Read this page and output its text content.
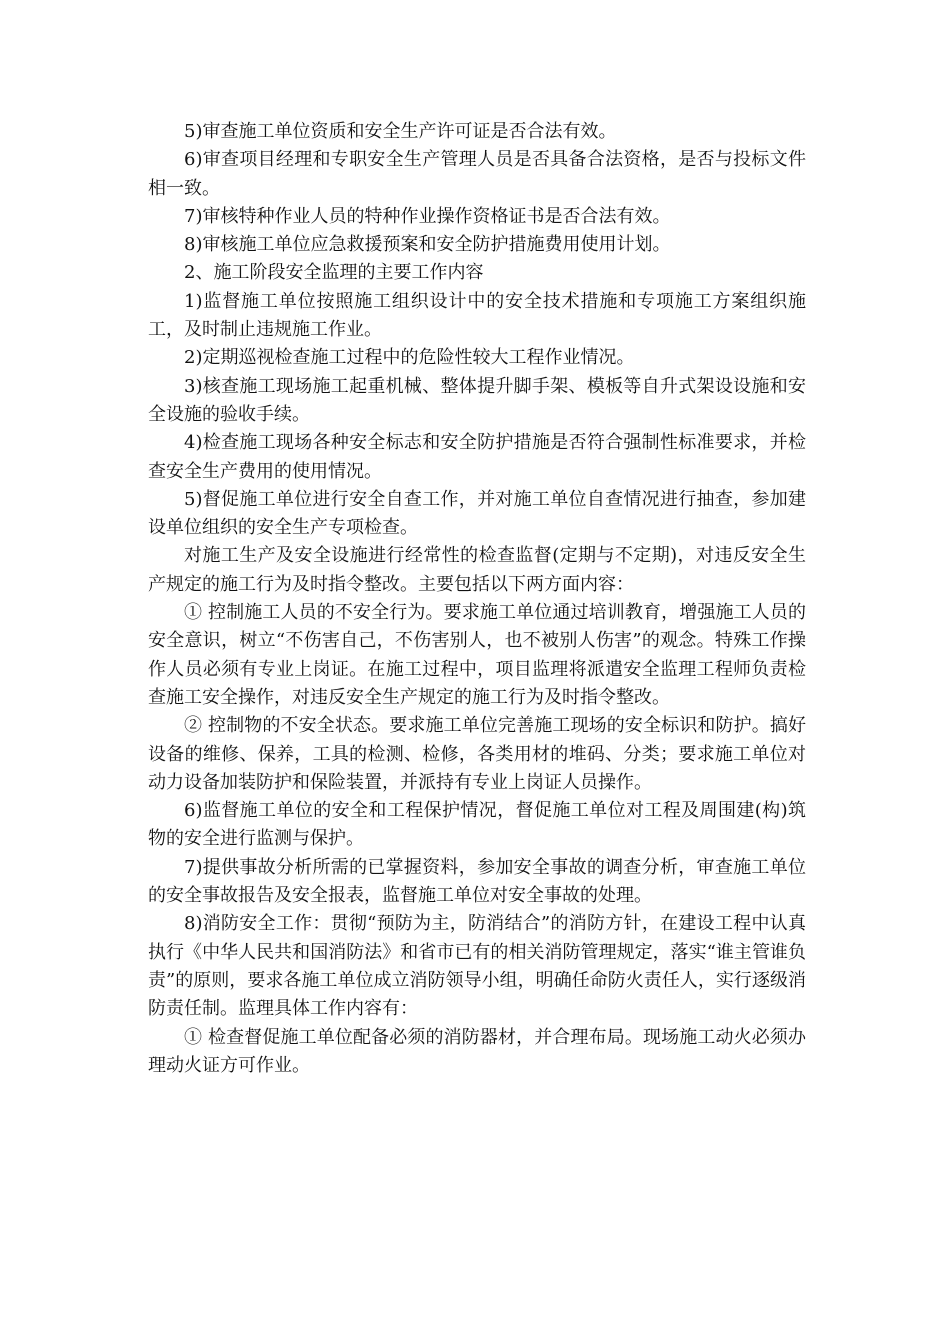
5)审查施工单位资质和安全生产许可证是否合法有效。

6)审查项目经理和专职安全生产管理人员是否具备合法资格，是否与投标文件相一致。

7)审核特种作业人员的特种作业操作资格证书是否合法有效。

8)审核施工单位应急救援预案和安全防护措施费用使用计划。

2、施工阶段安全监理的主要工作内容

1)监督施工单位按照施工组织设计中的安全技术措施和专项施工方案组织施工，及时制止违规施工作业。

2)定期巡视检查施工过程中的危险性较大工程作业情况。

3)核查施工现场施工起重机械、整体提升脚手架、模板等自升式架设设施和安全设施的验收手续。

4)检查施工现场各种安全标志和安全防护措施是否符合强制性标准要求，并检查安全生产费用的使用情况。

5)督促施工单位进行安全自查工作，并对施工单位自查情况进行抽查，参加建设单位组织的安全生产专项检查。

对施工生产及安全设施进行经常性的检查监督(定期与不定期)，对违反安全生产规定的施工行为及时指令整改。主要包括以下两方面内容：

① 控制施工人员的不安全行为。要求施工单位通过培训教育，增强施工人员的安全意识，树立“不伤害自己，不伤害别人，也不被别人伤害”的观念。特殊工作操作人员必须有专业上岗证。在施工过程中，项目监理将派遣安全监理工程师负责检查施工安全操作，对违反安全生产规定的施工行为及时指令整改。

② 控制物的不安全状态。要求施工单位完善施工现场的安全标识和防护。搞好设备的维修、保养，工具的检测、检修，各类用材的堆码、分类；要求施工单位对动力设备加装防护和保险装置，并派持有专业上岗证人员操作。

6)监督施工单位的安全和工程保护情况，督促施工单位对工程及周围建(构)筑物的安全进行监测与保护。

7)提供事故分析所需的已掌握资料，参加安全事故的调查分析，审查施工单位的安全事故报告及安全报表，监督施工单位对安全事故的处理。

8)消防安全工作：贯彻“预防为主，防消结合”的消防方针，在建设工程中认真执行《中华人民共和国消防法》和省市已有的相关消防管理规定，落实“谁主管谁负责”的原则，要求各施工单位成立消防领导小组，明确任命防火责任人，实行逐级消防责任制。监理具体工作内容有：

① 检查督促施工单位配备必须的消防器材，并合理布局。现场施工动火必须办理动火证方可作业。
